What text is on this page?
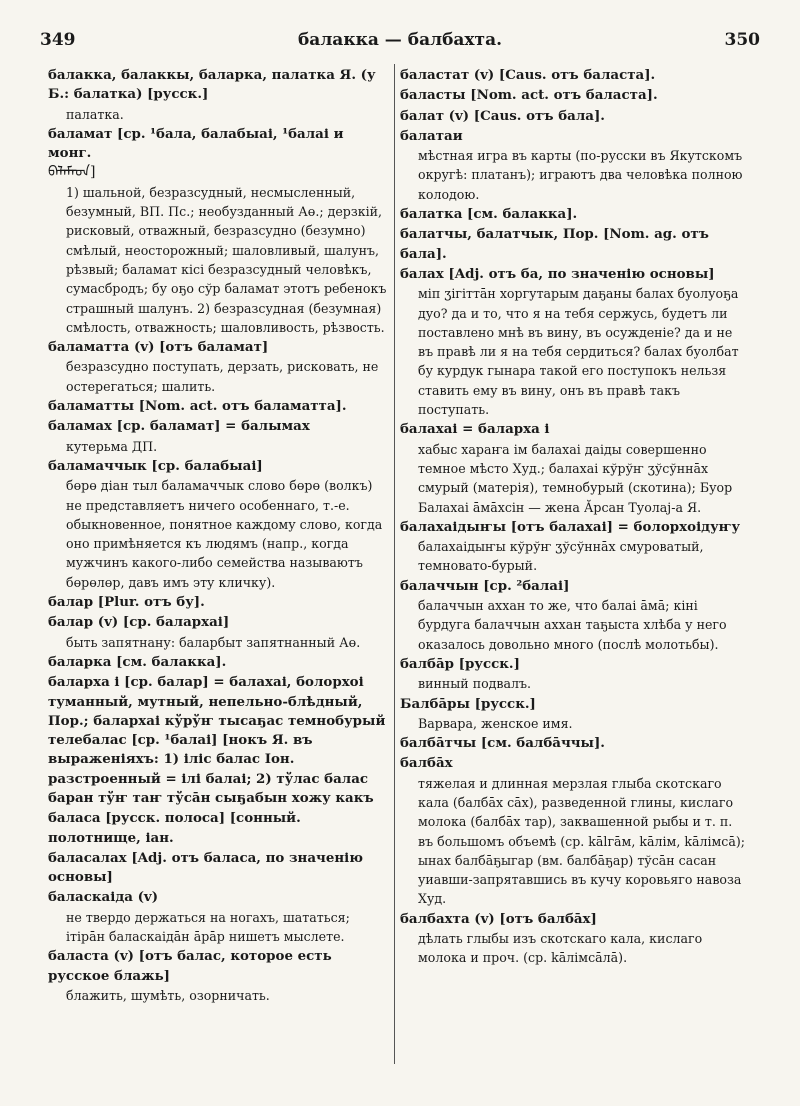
349	балакка — балбахта.	350
балакка, балаккы, баларка, палатка Я. (у Б.: балатка) [русск.]
палатка.
баламат [ср. ¹бала, балабыаі, ¹балаі и монг.
ᠪᠠᠯᠠᠮᠠᠳ]
1) шальной, безразсудный, несмысленный, безумный, ВП. Пс.; необузданный Аө.; дерзкій, рисковый, отважный, безразсудно (безумно) смѣлый, неосторожный; шаловливый, шалунъ, рѣзвый; баламат кісі безразсудный человѣкъ, сумасбродъ; бу оҕо сўр баламат этотъ ребенокъ страшный шалунъ. 2) безразсудная (безумная) смѣлость, отважность; шаловливость, рѣзвость.
баламатта (v) [отъ баламат]
безразсудно поступать, дерзать, рисковать, не остерегаться; шалить.
баламатты [Nom. act. отъ баламатта].
баламах [ср. баламат] = балымах
кутерьма ДП.
баламаччык [ср. балабыаі]
бөрө діан тыл баламаччык слово бөрө (волкъ) не представляетъ ничего особеннаго, т.-е. обыкновенное, понятное каждому слово, когда оно примѣняется къ людямъ (напр., когда мужчинъ какого-либо семейства называютъ бөрөлөр, давъ имъ эту кличку).
балар [Plur. отъ бу].
балар (v) [ср. балархаі]
быть запятнану: баларбыт запятнанный Аө.
баларка [см. балакка].
баларха і [ср. балар] = балахаі, болорхоі туманный, мутный, непельно-блѣдный, Пор.; балархаі кўрўҥ тысаҕас темнобурый телебалас [ср. ¹балаі] [нокъ Я. въ выраженіяхъ: 1) іліс балас Іон. разстроенный = ілі балаі; 2) тўлас балас баран тўҥ таҥ тўсāн сыҕабын хожу какъ
баласа [русск. полоса] [сонный. полотнище, іан.
баласалах [Adj. отъ баласа, по значенію основы]
баласкаіда (v)
не твердо держаться на ногахъ, шататься; ітірāн баласкаідāн āрāр нишетъ мыслете.
баласта (v) [отъ балас, которое есть русское блажь]
блажить, шумѣть, озорничать.
баластат (v) [Caus. отъ баласта].
баласты [Nom. act. отъ баласта].
балат (v) [Caus. отъ бала].
балатаи
мѣстная игра въ карты (по-русски въ Якутскомъ округѣ: платанъ); играютъ два человѣка полною колодою.
балатка [см. балакка].
балатчы, балатчык, Пор. [Nom. ag. отъ бала].
балах [Adj. отъ ба, по значенію основы]
міп ӡігіттāн хоргутарым даҕаны балах буолуоҕа дуо? да и то, что я на тебя сержусь, будетъ ли поставлено мнѣ въ вину, въ осужденіе? да и не въ правѣ ли я на тебя сердиться? балах буолбат бу курдук гынара такой его поступокъ нельзя ставить ему въ вину, онъ въ правѣ такъ поступать.
балахаі = баларха і
хабыс хараҥа ім балахаі даіды совершенно темное мѣсто Худ.; балахаі кўрўҥ ӡўсўннāх смурый (матерія), темнобурый (скотина); Буор Балахаі āмāхсін — жена Ӑрсан Туолај-а Я.
балахаідыҥы [отъ балахаі] = болорхоідуҥу
балахаідыҥы кўрўҥ ӡўсўннāх смуроватый, темновато-бурый.
балаччын [ср. ²балаі]
балаччын аххан то же, что балаі āмā; кіні бурдуга балаччын аххан таҕыста хлѣба у него оказалось довольно много (послѣ молотьбы).
балбāр [русск.]
винный подвалъ.
Балбāры [русск.]
Варвара, женское имя.
балбāтчы [см. балбāччы].
балбāх
тяжелая и длинная мерзлая глыба скотскаго кала (балбāх сāх), разведенной глины, кислаго молока (балбāх тар), заквашенной рыбы и т. п. въ большомъ объемѣ (ср. kālгāм, kāлім, kāлімсā); ынах балбāҕыгар (вм. балбāҕар) тўсāн сасан уиавши-запрятавшись въ кучу коровьяго навоза Худ.
балбахта (v) [отъ балбāх]
дѣлать глыбы изъ скотскаго кала, кислаго молока и проч. (ср. kāлімсāлā).
